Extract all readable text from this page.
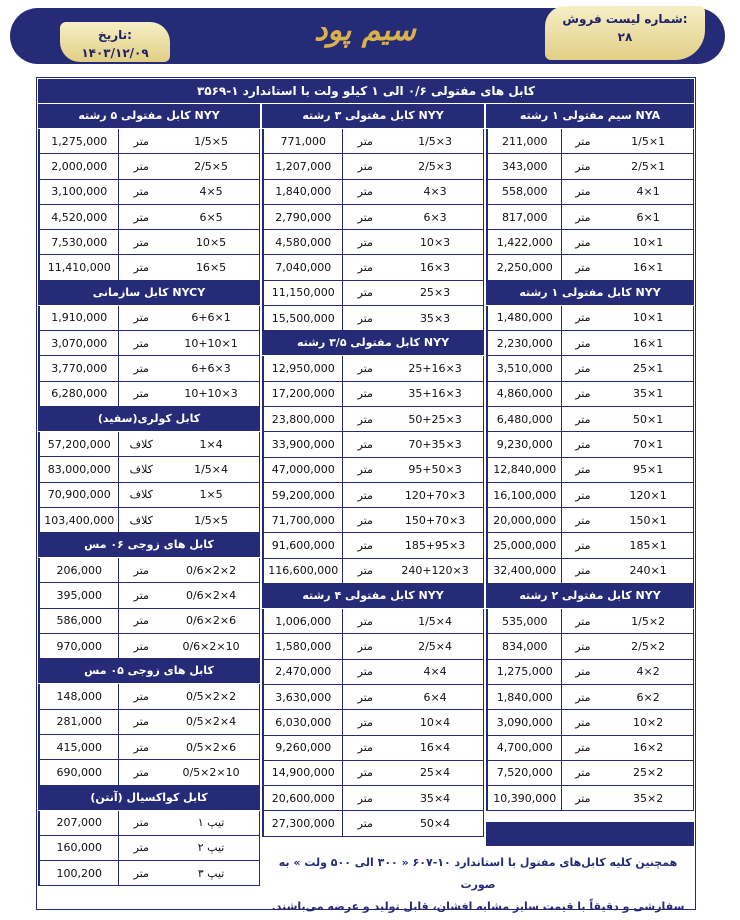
سیم پود	شماره لیست فروش:
۲۸
تاریخ:
۱۴۰۳/۱۲/۰۹
کابل های مفتولی ۰/۶ الی ۱ کیلو ولت با استاندارد ۱-۳۵۶۹
سیم مفتولی ۱ رشته NYA
1×1/5
متر
211,000
1×2/5
متر
343,000
1×4
متر
558,000
1×6
متر
817,000
1×10
متر
1,422,000
1×16
متر
2,250,000
کابل مفتولی ۱ رشته NYY
1×10
متر
1,480,000
1×16
متر
2,230,000
1×25
متر
3,510,000
1×35
متر
4,860,000
1×50
متر
6,480,000
1×70
متر
9,230,000
1×95
متر
12,840,000
1×120
متر
16,100,000
1×150
متر
20,000,000
1×185
متر
25,000,000
1×240
متر
32,400,000
کابل مفتولی ۲ رشته NYY
2×1/5
متر
535,000
2×2/5
متر
834,000
2×4
متر
1,275,000
2×6
متر
1,840,000
2×10
متر
3,090,000
2×16
متر
4,700,000
2×25
متر
7,520,000
2×35
متر
10,390,000
کابل مفتولی ۳ رشته NYY
3×1/5
متر
771,000
3×2/5
متر
1,207,000
3×4
متر
1,840,000
3×6
متر
2,790,000
3×10
متر
4,580,000
3×16
متر
7,040,000
3×25
متر
11,150,000
3×35
متر
15,500,000
کابل مفتولی ۳/۵ رشته NYY
3×25+16
متر
12,950,000
3×35+16
متر
17,200,000
3×50+25
متر
23,800,000
3×70+35
متر
33,900,000
3×95+50
متر
47,000,000
3×120+70
متر
59,200,000
3×150+70
متر
71,700,000
3×185+95
متر
91,600,000
3×240+120
متر
116,600,000
کابل مفتولی ۴ رشته NYY
4×1/5
متر
1,006,000
4×2/5
متر
1,580,000
4×4
متر
2,470,000
4×6
متر
3,630,000
4×10
متر
6,030,000
4×16
متر
9,260,000
4×25
متر
14,900,000
4×35
متر
20,600,000
4×50
متر
27,300,000
کابل مفتولی ۵ رشته NYY
5×1/5
متر
1,275,000
5×2/5
متر
2,000,000
5×4
متر
3,100,000
5×6
متر
4,520,000
5×10
متر
7,530,000
5×16
متر
11,410,000
کابل سازمانی NYCY
1×6+6
متر
1,910,000
1×10+10
متر
3,070,000
3×6+6
متر
3,770,000
3×10+10
متر
6,280,000
کابل کولری(سفید)
4×1
کلاف
57,200,000
4×1/5
کلاف
83,000,000
5×1
کلاف
70,900,000
5×1/5
کلاف
103,400,000
کابل های زوجی ۰۶ مس
2×2×0/6
متر
206,000
4×2×0/6
متر
395,000
6×2×0/6
متر
586,000
10×2×0/6
متر
970,000
کابل های زوجی ۰۵ مس
2×2×0/5
متر
148,000
4×2×0/5
متر
281,000
6×2×0/5
متر
415,000
10×2×0/5
متر
690,000
کابل کواکسیال (آنتن)
تیپ ۱
متر
207,000
تیپ ۲
متر
160,000
تیپ ۳
متر
100,200
همچنین کلیه کابل‌های مفتول با استاندارد ۱۰-۶۰۷ « ۳۰۰ الی ۵۰۰ ولت » به صورت
سفارشی و دقیقاً با قیمت سایز مشابه افشان، قابل تولید و عرضه می‌باشند.
